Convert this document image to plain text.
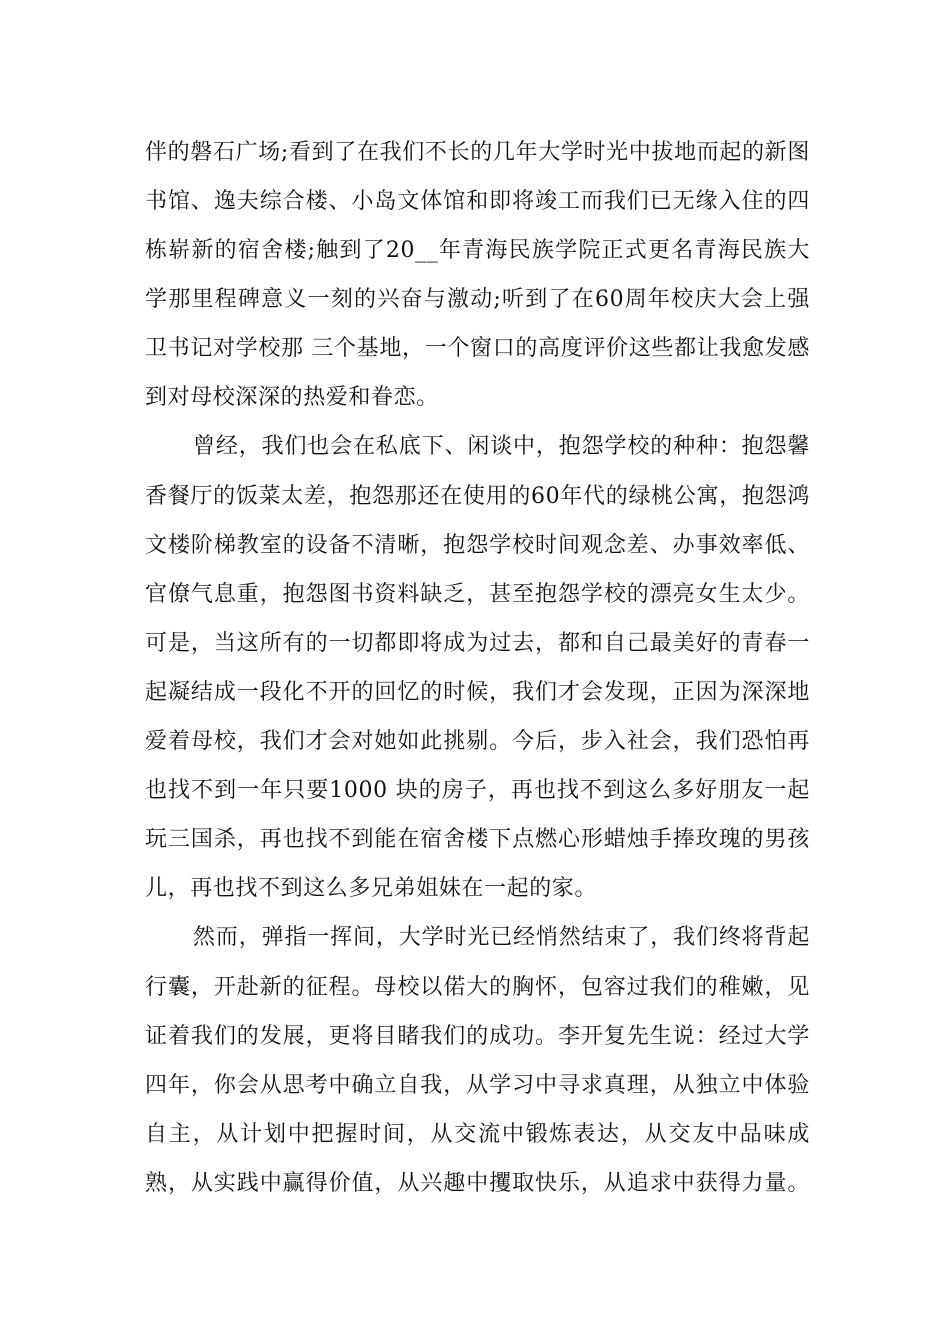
伴的磐石广场;看到了在我们不长的几年大学时光中拔地而起的新图
书馆、逸夫综合楼、小岛文体馆和即将竣工而我们已无缘入住的四
栋崭新的宿舍楼;触到了20__年青海民族学院正式更名青海民族大
学那里程碑意义一刻的兴奋与激动;听到了在60周年校庆大会上强
卫书记对学校那 三个基地，一个窗口的高度评价这些都让我愈发感
到对母校深深的热爱和眷恋。
曾经，我们也会在私底下、闲谈中，抱怨学校的种种：抱怨馨
香餐厅的饭菜太差，抱怨那还在使用的60年代的绿桃公寓，抱怨鸿
文楼阶梯教室的设备不清晰，抱怨学校时间观念差、办事效率低、
官僚气息重，抱怨图书资料缺乏，甚至抱怨学校的漂亮女生太少。
可是，当这所有的一切都即将成为过去，都和自己最美好的青春一
起凝结成一段化不开的回忆的时候，我们才会发现，正因为深深地
爱着母校，我们才会对她如此挑剔。今后，步入社会，我们恐怕再
也找不到一年只要1000 块的房子，再也找不到这么多好朋友一起
玩三国杀，再也找不到能在宿舍楼下点燃心形蜡烛手捧玫瑰的男孩
儿，再也找不到这么多兄弟姐妹在一起的家。
然而，弹指一挥间，大学时光已经悄然结束了，我们终将背起
行囊，开赴新的征程。母校以偌大的胸怀，包容过我们的稚嫩，见
证着我们的发展，更将目睹我们的成功。李开复先生说：经过大学
四年，你会从思考中确立自我，从学习中寻求真理，从独立中体验
自主，从计划中把握时间，从交流中锻炼表达，从交友中品味成
熟，从实践中赢得价值，从兴趣中攫取快乐，从追求中获得力量。
